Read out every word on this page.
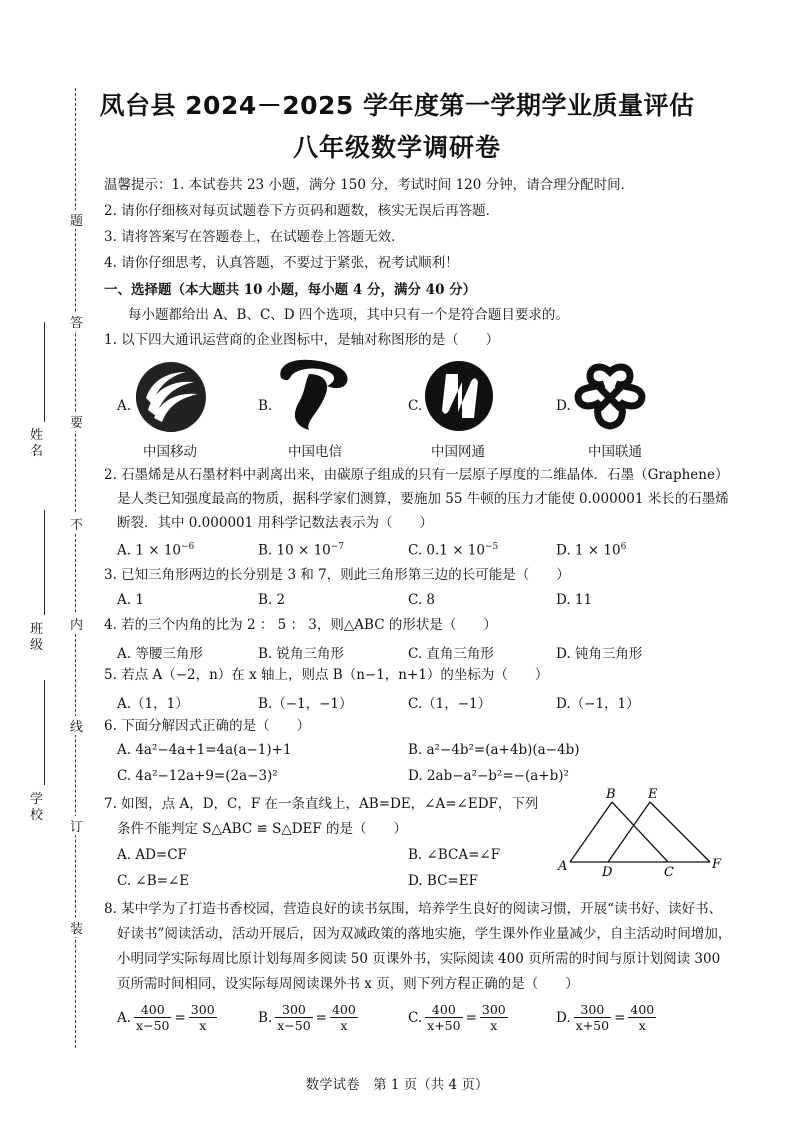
凤台县 2024－2025 学年度第一学期学业质量评估
八年级数学调研卷
题
答
要
不
内
线
订
装
姓名
班级
学校
温馨提示：1. 本试卷共 23 小题，满分 150 分，考试时间 120 分钟，请合理分配时间．
2. 请你仔细核对每页试题卷下方页码和题数，核实无误后再答题．
3. 请将答案写在答题卷上，在试题卷上答题无效．
4. 请你仔细思考，认真答题，不要过于紧张，祝考试顺利！
一、选择题（本大题共 10 小题，每小题 4 分，满分 40 分）
每小题都给出 A、B、C、D 四个选项，其中只有一个是符合题目要求的。
1. 以下四大通讯运营商的企业图标中，是轴对称图形的是（　　）
A.
中国移动
B.
中国电信
C.
中国网通
D.
中国联通
2. 石墨烯是从石墨材料中剥离出来，由碳原子组成的只有一层原子厚度的二维晶体．石墨（Graphene）
是人类已知强度最高的物质，据科学家们测算，要施加 55 牛顿的压力才能使 0.000001 米长的石墨烯
断裂．其中 0.000001 用科学记数法表示为（　　）
A. $1 \times 10^{-6}$	B. $10 \times 10^{-7}$	C. $0.1 \times 10^{-5}$	D. $1 \times 10^6$
3. 已知三角形两边的长分别是 3 和 7，则此三角形第三边的长可能是（　　）
A. 1	B. 2	C. 8	D. 11
4. 若的三个内角的比为 2 ： 5 ： 3，则△ABC 的形状是（　　）
A. 等腰三角形	B. 锐角三角形	C. 直角三角形	D. 钝角三角形
5. 若点 A（−2，n）在 x 轴上，则点 B（n−1，n+1）的坐标为（　　）
A.（1，1）	B.（−1，−1）	C.（1，−1）	D.（−1，1）
6. 下面分解因式正确的是（　　）
A. 4a²−4a+1=4a(a−1)+1	B. a²−4b²=(a+4b)(a−4b)
C. 4a²−12a+9=(2a−3)²	D. 2ab−a²−b²=−(a+b)²
7. 如图，点 A，D，C，F 在一条直线上，AB=DE，∠A=∠EDF，下列
条件不能判定 S△ABC ≌ S△DEF 的是（　　）
A. AD=CF	B. ∠BCA=∠F
C. ∠B=∠E	D. BC=EF
A
B
C
D
E
F
8. 某中学为了打造书香校园，营造良好的读书氛围，培养学生良好的阅读习惯，开展“读书好、读好书、
好读书”阅读活动，活动开展后，因为双减政策的落地实施，学生课外作业量减少，自主活动时间增加，
小明同学实际每周比原计划每周多阅读 50 页课外书，实际阅读 400 页所需的时间与原计划阅读 300
页所需时间相同，设实际每周阅读课外书 x 页，则下列方程正确的是（　　）
A. $\frac{400}{x-50} = \frac{300}{x}$	B. $\frac{300}{x-50} = \frac{400}{x}$	C. $\frac{400}{x+50} = \frac{300}{x}$	D. $\frac{300}{x+50} = \frac{400}{x}$
数学试卷　第 1 页（共 4 页）
